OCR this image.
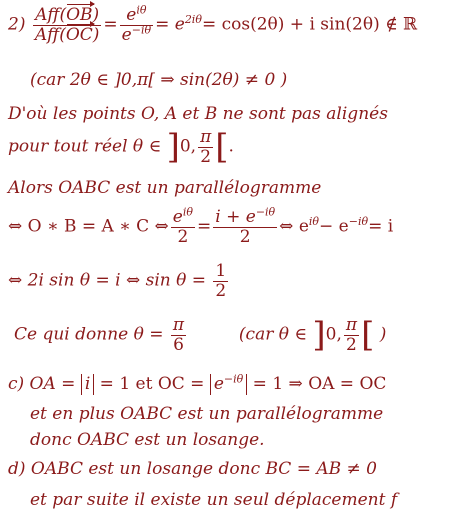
$2) \frac{\text{Aff(OB)}}{\text{Aff(OC)}} = \frac{e^{i\theta}}{e^{-i\theta}} = e^{2i\theta}= \cos(2\theta) + i$ sin(2θ) ∉ ℝ
(car 2θ ∈ ]0,π[ ⇒ sin(2θ) ≠ 0 )
D'où les points O, A et B ne sont pas alignés
pour tout réel θ ∈ ]0, $\frac{\pi}{2}$ [.
Alors OABC est un parallélogramme
⇔ O ∗ B = A ∗ C ⇔ $\frac{e^{i\theta}}{2} = \frac{i + e^{-i\theta}}{2}$ ⇔ $e^{i\theta}- e^{-i\theta}= i$
⇔ 2i sin θ = i ⇔ $\sin \theta = \frac{1}{2}$
Ce qui donne $\theta = \frac{\pi}{6}$	(car θ ∈ ]0, $\frac{\pi}{2}$ [ )
c) OA = i = 1 et OC = $e^{-i\theta} = 1$ ⇒ OA = OC
et en plus OABC est un parallélogramme
donc OABC est un losange.
d) OABC est un losange donc BC = AB ≠ 0
et par suite il existe un seul déplacement f
